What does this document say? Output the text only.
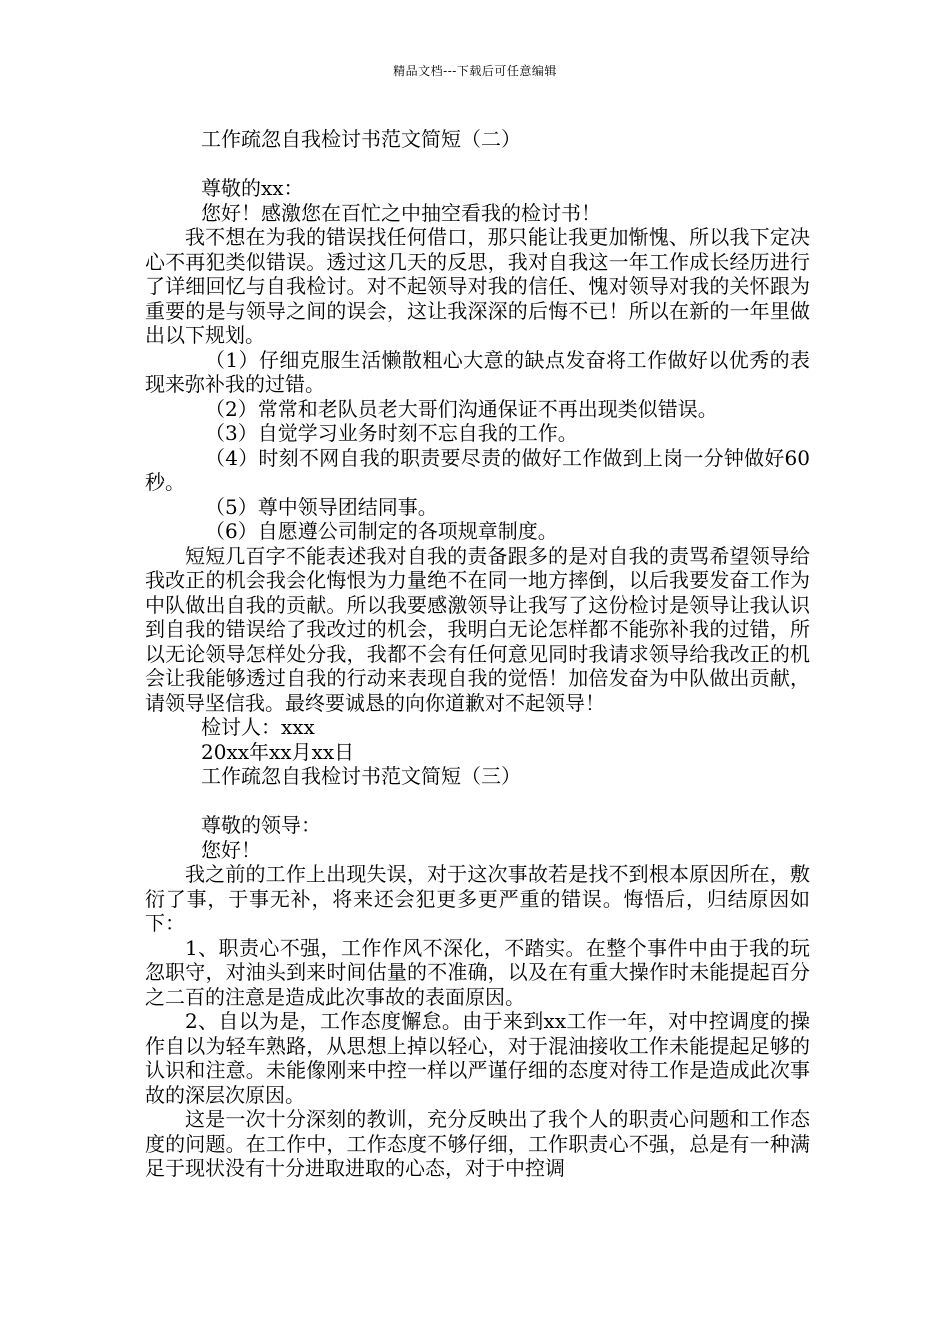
精品文档---下载后可任意编辑

工作疏忽自我检讨书范文简短（二）

尊敬的xx：

您好！感激您在百忙之中抽空看我的检讨书！

我不想在为我的错误找任何借口，那只能让我更加惭愧、所以我下定决心不再犯类似错误。透过这几天的反思，我对自我这一年工作成长经历进行了详细回忆与自我检讨。对不起领导对我的信任、愧对领导对我的关怀跟为重要的是与领导之间的误会，这让我深深的后悔不已！所以在新的一年里做出以下规划。

（1）仔细克服生活懒散粗心大意的缺点发奋将工作做好以优秀的表现来弥补我的过错。

（2）常常和老队员老大哥们沟通保证不再出现类似错误。

（3）自觉学习业务时刻不忘自我的工作。

（4）时刻不网自我的职责要尽责的做好工作做到上岗一分钟做好60秒。

（5）尊中领导团结同事。

（6）自愿遵公司制定的各项规章制度。

短短几百字不能表述我对自我的责备跟多的是对自我的责骂希望领导给我改正的机会我会化悔恨为力量绝不在同一地方摔倒，以后我要发奋工作为中队做出自我的贡献。所以我要感激领导让我写了这份检讨是领导让我认识到自我的错误给了我改过的机会，我明白无论怎样都不能弥补我的过错，所以无论领导怎样处分我，我都不会有任何意见同时我请求领导给我改正的机会让我能够透过自我的行动来表现自我的觉悟！加倍发奋为中队做出贡献，请领导坚信我。最终要诚恳的向你道歉对不起领导！

检讨人：xxx

20xx年xx月xx日

工作疏忽自我检讨书范文简短（三）

尊敬的领导：

您好！

我之前的工作上出现失误，对于这次事故若是找不到根本原因所在，敷衍了事，于事无补，将来还会犯更多更严重的错误。悔悟后，归结原因如下：

1、职责心不强，工作作风不深化，不踏实。在整个事件中由于我的玩忽职守，对油头到来时间估量的不准确，以及在有重大操作时未能提起百分之二百的注意是造成此次事故的表面原因。

2、自以为是，工作态度懈怠。由于来到xx工作一年，对中控调度的操作自以为轻车熟路，从思想上掉以轻心，对于混油接收工作未能提起足够的认识和注意。未能像刚来中控一样以严谨仔细的态度对待工作是造成此次事故的深层次原因。

这是一次十分深刻的教训，充分反映出了我个人的职责心问题和工作态度的问题。在工作中，工作态度不够仔细，工作职责心不强，总是有一种满足于现状没有十分进取进取的心态，对于中控调
